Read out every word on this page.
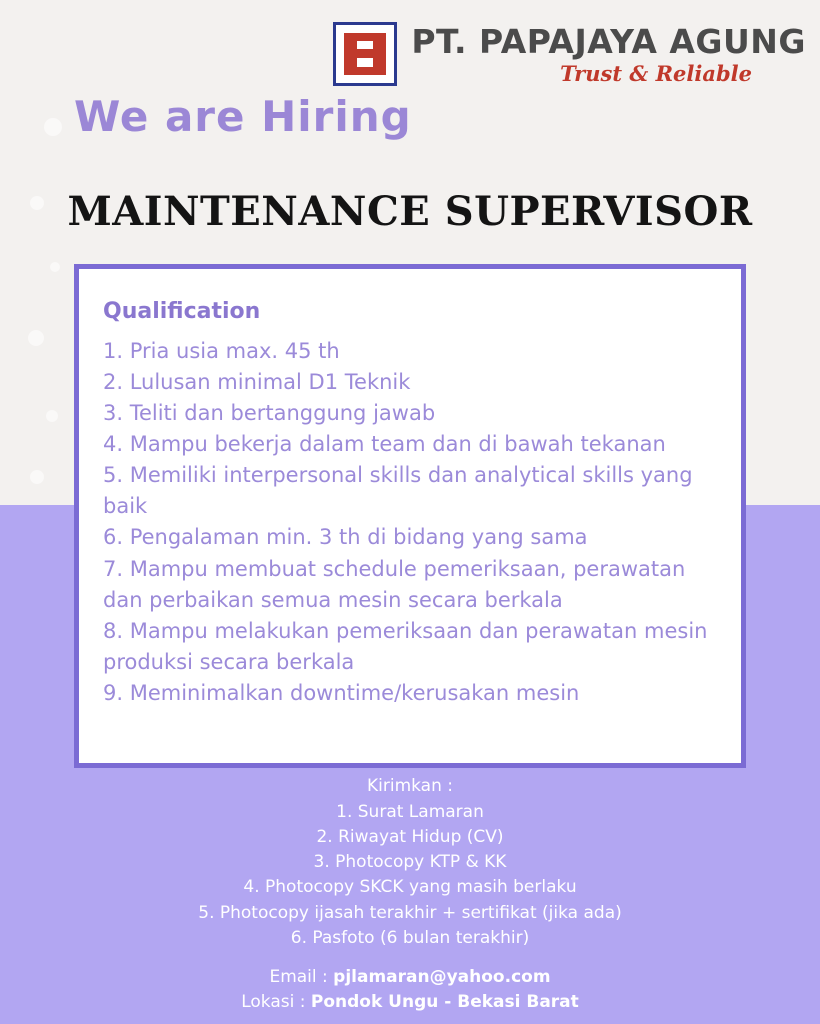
PT. PAPAJAYA AGUNG
Trust & Reliable
We are Hiring
MAINTENANCE SUPERVISOR
Qualification
1. Pria usia max. 45 th
2. Lulusan minimal D1 Teknik
3. Teliti dan bertanggung jawab
4. Mampu bekerja dalam team dan di bawah tekanan
5. Memiliki interpersonal skills dan analytical skills yang baik
6. Pengalaman min. 3 th di bidang yang sama
7. Mampu membuat schedule pemeriksaan, perawatan dan perbaikan semua mesin secara berkala
8. Mampu melakukan pemeriksaan dan perawatan mesin produksi secara berkala
9. Meminimalkan downtime/kerusakan mesin
Kirimkan :
1. Surat Lamaran
2. Riwayat Hidup (CV)
3. Photocopy KTP & KK
4. Photocopy SKCK yang masih berlaku
5. Photocopy ijasah terakhir + sertifikat (jika ada)
6. Pasfoto (6 bulan terakhir)
Email : pjlamaran@yahoo.com
Lokasi : Pondok Ungu - Bekasi Barat
